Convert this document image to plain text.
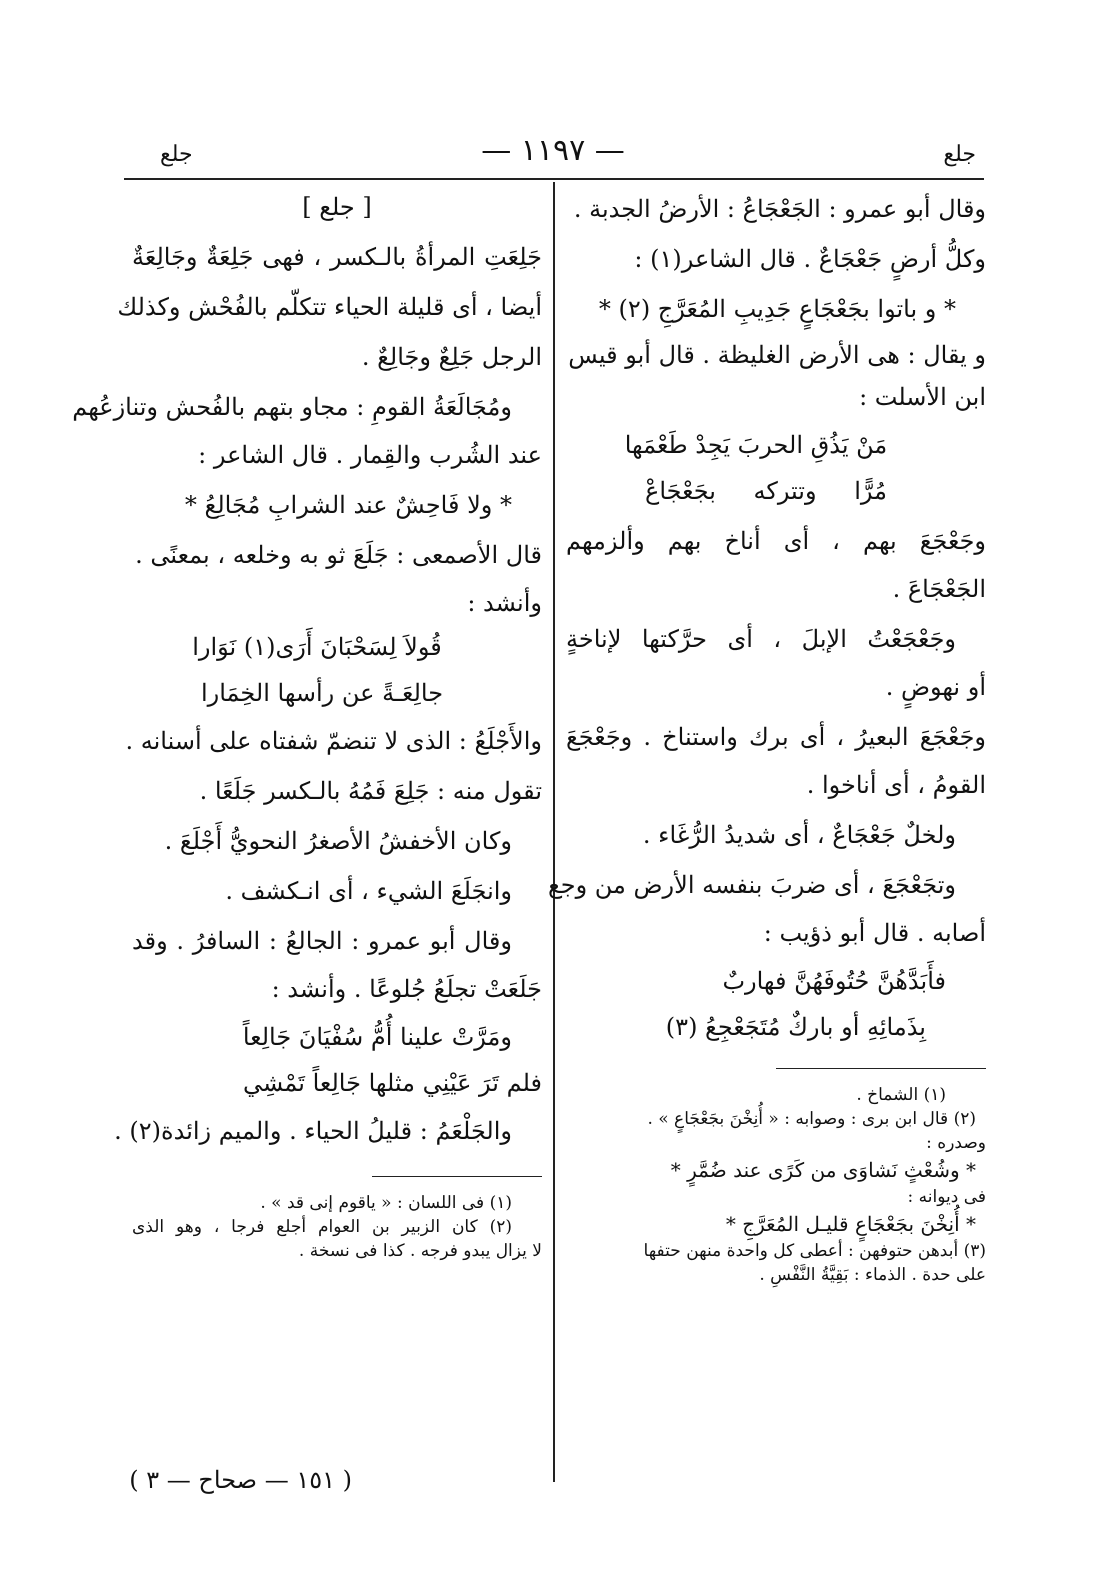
جلع
— ١١٩٧ —
جلع
وقال أبو عمرو : الجَعْجَاعُ : الأرضُ الجدبة .
وكلُّ أرضٍ جَعْجَاعٌ . قال الشاعر(١) :
* و باتوا بجَعْجَاعٍ جَدِيبِ المُعَرَّجِ (٢) *
و يقال : هى الأرض الغليظة . قال أبو قيس
ابن الأسلت :
مَنْ يَذُقِ الحربَ يَجِدْ طَعْمَها
مُرًّا وتتركه بجَعْجَاعْ
وجَعْجَعَ بهم ، أى أناخ بهم وألزمهم
الجَعْجَاعَ .
وجَعْجَعْتُ الإبلَ ، أى حرَّكتها لإناخةٍ
أو نهوضٍ .
وجَعْجَعَ البعيرُ ، أى برك واستناخ . وجَعْجَعَ
القومُ ، أى أناخوا .
ولخلٌ جَعْجَاعٌ ، أى شديدُ الرُّغَاء .
وتجَعْجَعَ ، أى ضربَ بنفسه الأرض من وجع
أصابه . قال أبو ذؤيب :
فأَبَدَّهُنَّ حُتُوفَهُنَّ فهاربٌ
بِذَمائِهِ أو باركٌ مُتَجَعْجِعُ (٣)
(١) الشماخ .
(٢) قال ابن برى : وصوابه : « أُنِخْنَ بجَعْجَاعٍ » .
وصدره :
* وشُعْثٍ نَشاوَى من كَرًى عند ضُمَّرٍ *
فى ديوانه :
* أُنِخْنَ بجَعْجَاعٍ قليـل المُعَرَّجِ *
(٣) أبدهن حتوفهن : أعطى كل واحدة منهن حتفها
على حدة . الذماء : بَقِيَّةُ النَّفْسِ .
[ جلع ]
جَلِعَتِ المرأةُ بالـكسر ، فهى جَلِعَةٌ وجَالِعَةٌ
أيضا ، أى قليلة الحياء تتكلّم بالفُحْش وكذلك
الرجل جَلِعٌ وجَالِعٌ .
ومُجَالَعَةُ القومِ : مجاو بتهم بالفُحش وتنازعُهم
عند الشُرب والقِمار . قال الشاعر :
* ولا فَاحِشٌ عند الشرابِ مُجَالِعُ *
قال الأصمعى : جَلَعَ ثو به وخلعه ، بمعنًى .
وأنشد :
قُولاَ لِسَحْبَانَ أَرَى(١) نَوَارا
جالِعَـةً عن رأسها الخِمَارا
والأَجْلَعُ : الذى لا تنضمّ شفتاه على أسنانه .
تقول منه : جَلِعَ فَمُهُ بالـكسر جَلَعًا .
وكان الأخفشُ الأصغرُ النحويُّ أَجْلَعَ .
وانجَلَعَ الشيء ، أى انـكشف .
وقال أبو عمرو : الجالعُ : السافرُ . وقد
جَلَعَتْ تجلَعُ جُلوعًا . وأنشد :
ومَرَّتْ علينا أُمُّ سُفْيَانَ جَالِعاً
فلم تَرَ عَيْنِي مثلها جَالِعاً تَمْشِي
والجَلْعَمُ : قليلُ الحياء . والميم زائدة(٢) .
(١) فى اللسان : « ياقوم إنى قد » .
(٢) كان الزبير بن العوام أجلع فرجا ، وهو الذى
لا يزال يبدو فرجه . كذا فى نسخة .
( ١٥١ — صحاح — ٣ )
